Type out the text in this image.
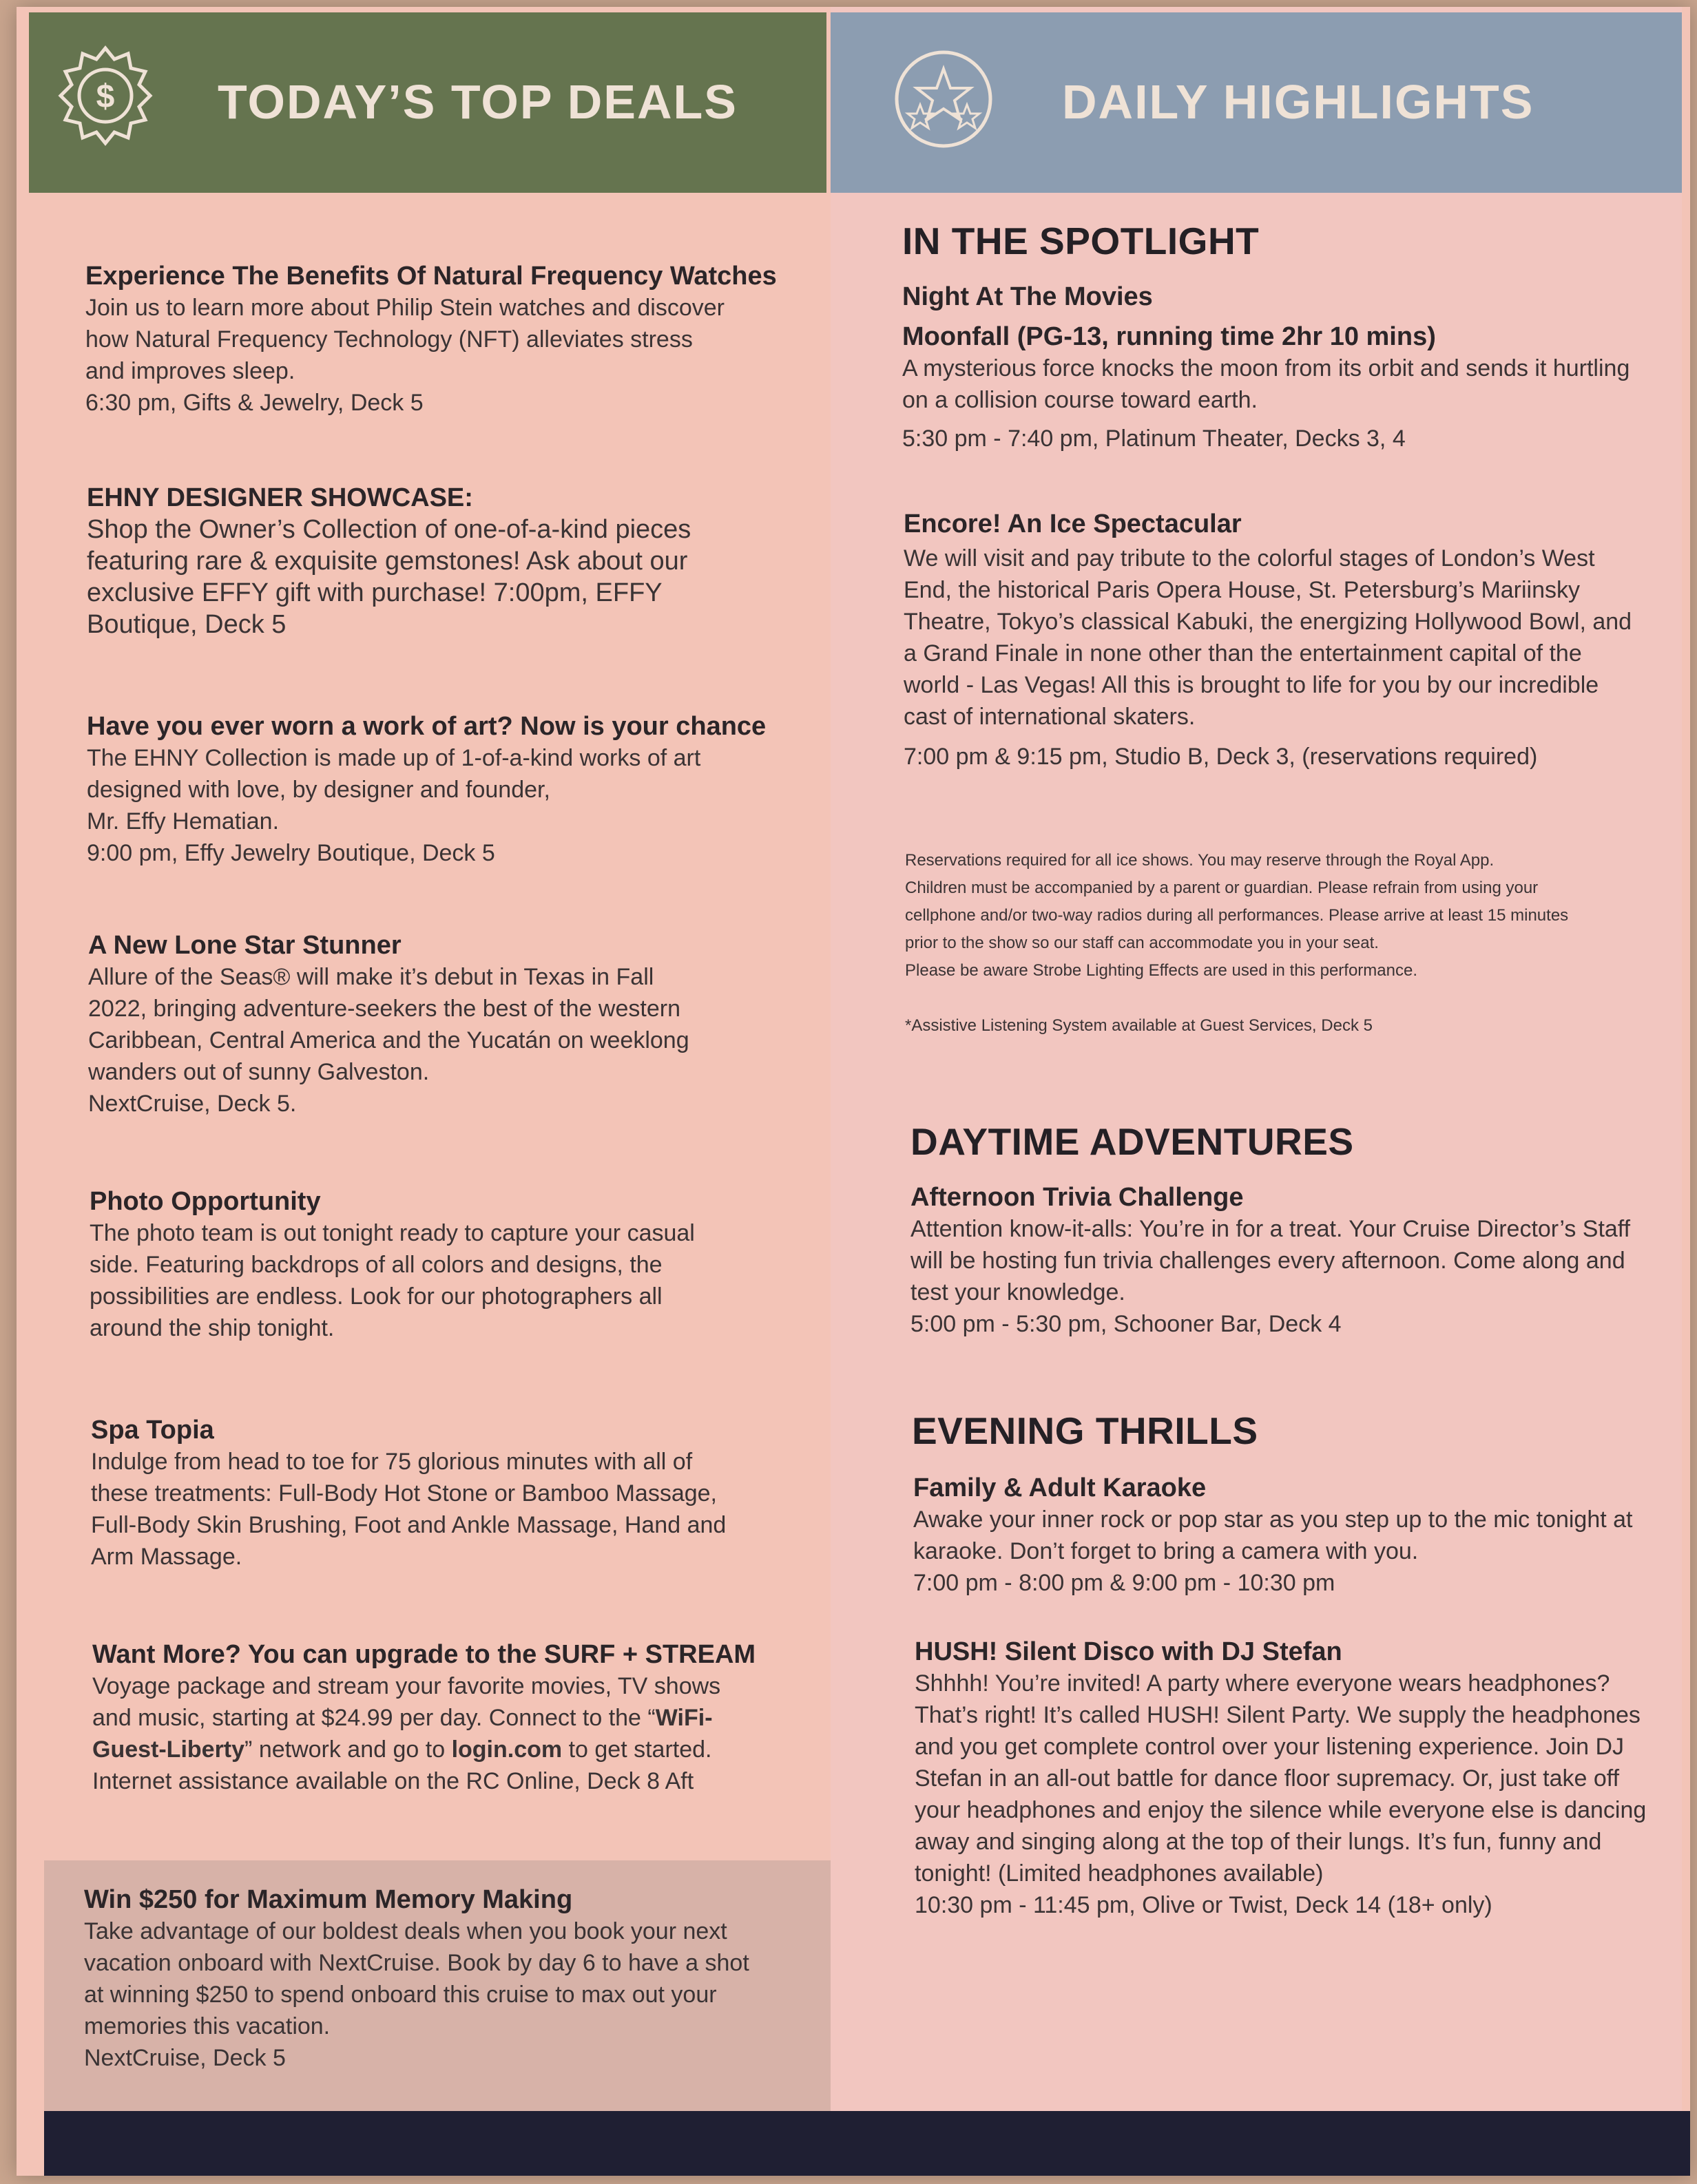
$ TODAY’S TOP DEALS
Experience The Benefits Of Natural Frequency Watches
Join us to learn more about Philip Stein watches and discover
how Natural Frequency Technology (NFT) alleviates stress
and improves sleep.
6:30 pm, Gifts & Jewelry, Deck 5
EHNY DESIGNER SHOWCASE:
Shop the Owner’s Collection of one-of-a-kind pieces
featuring rare & exquisite gemstones! Ask about our
exclusive EFFY gift with purchase! 7:00pm, EFFY
Boutique, Deck 5
Have you ever worn a work of art? Now is your chance
The EHNY Collection is made up of 1-of-a-kind works of art
designed with love, by designer and founder,
Mr. Effy Hematian.
9:00 pm, Effy Jewelry Boutique, Deck 5
A New Lone Star Stunner
Allure of the Seas® will make it’s debut in Texas in Fall
2022, bringing adventure-seekers the best of the western
Caribbean, Central America and the Yucatán on weeklong
wanders out of sunny Galveston.
NextCruise, Deck 5.
Photo Opportunity
The photo team is out tonight ready to capture your casual
side. Featuring backdrops of all colors and designs, the
possibilities are endless. Look for our photographers all
around the ship tonight.
Spa Topia
Indulge from head to toe for 75 glorious minutes with all of
these treatments: Full-Body Hot Stone or Bamboo Massage,
Full-Body Skin Brushing, Foot and Ankle Massage, Hand and
Arm Massage.
Want More? You can upgrade to the SURF + STREAM
Voyage package and stream your favorite movies, TV shows
and music, starting at $24.99 per day. Connect to the “WiFi-
Guest-Liberty” network and go to login.com to get started.
Internet assistance available on the RC Online, Deck 8 Aft
Win $250 for Maximum Memory Making
Take advantage of our boldest deals when you book your next
vacation onboard with NextCruise. Book by day 6 to have a shot
at winning $250 to spend onboard this cruise to max out your
memories this vacation.
NextCruise, Deck 5
DAILY HIGHLIGHTS
IN THE SPOTLIGHT
Night At The Movies
Moonfall (PG-13, running time 2hr 10 mins)
A mysterious force knocks the moon from its orbit and sends it hurtling
on a collision course toward earth.
5:30 pm - 7:40 pm, Platinum Theater, Decks 3, 4
Encore! An Ice Spectacular
We will visit and pay tribute to the colorful stages of London’s West
End, the historical Paris Opera House, St. Petersburg’s Mariinsky
Theatre, Tokyo’s classical Kabuki, the energizing Hollywood Bowl, and
a Grand Finale in none other than the entertainment capital of the
world - Las Vegas! All this is brought to life for you by our incredible
cast of international skaters.
7:00 pm & 9:15 pm, Studio B, Deck 3, (reservations required)
Reservations required for all ice shows. You may reserve through the Royal App.
Children must be accompanied by a parent or guardian. Please refrain from using your
cellphone and/or two-way radios during all performances. Please arrive at least 15 minutes
prior to the show so our staff can accommodate you in your seat.
Please be aware Strobe Lighting Effects are used in this performance.
*Assistive Listening System available at Guest Services, Deck 5
DAYTIME ADVENTURES
Afternoon Trivia Challenge
Attention know-it-alls: You’re in for a treat. Your Cruise Director’s Staff
will be hosting fun trivia challenges every afternoon. Come along and
test your knowledge.
5:00 pm - 5:30 pm, Schooner Bar, Deck 4
EVENING THRILLS
Family & Adult Karaoke
Awake your inner rock or pop star as you step up to the mic tonight at
karaoke. Don’t forget to bring a camera with you.
7:00 pm - 8:00 pm & 9:00 pm - 10:30 pm
HUSH! Silent Disco with DJ Stefan
Shhhh! You’re invited! A party where everyone wears headphones?
That’s right! It’s called HUSH! Silent Party. We supply the headphones
and you get complete control over your listening experience. Join DJ
Stefan in an all-out battle for dance floor supremacy. Or, just take off
your headphones and enjoy the silence while everyone else is dancing
away and singing along at the top of their lungs. It’s fun, funny and
tonight! (Limited headphones available)
10:30 pm - 11:45 pm, Olive or Twist, Deck 14 (18+ only)
